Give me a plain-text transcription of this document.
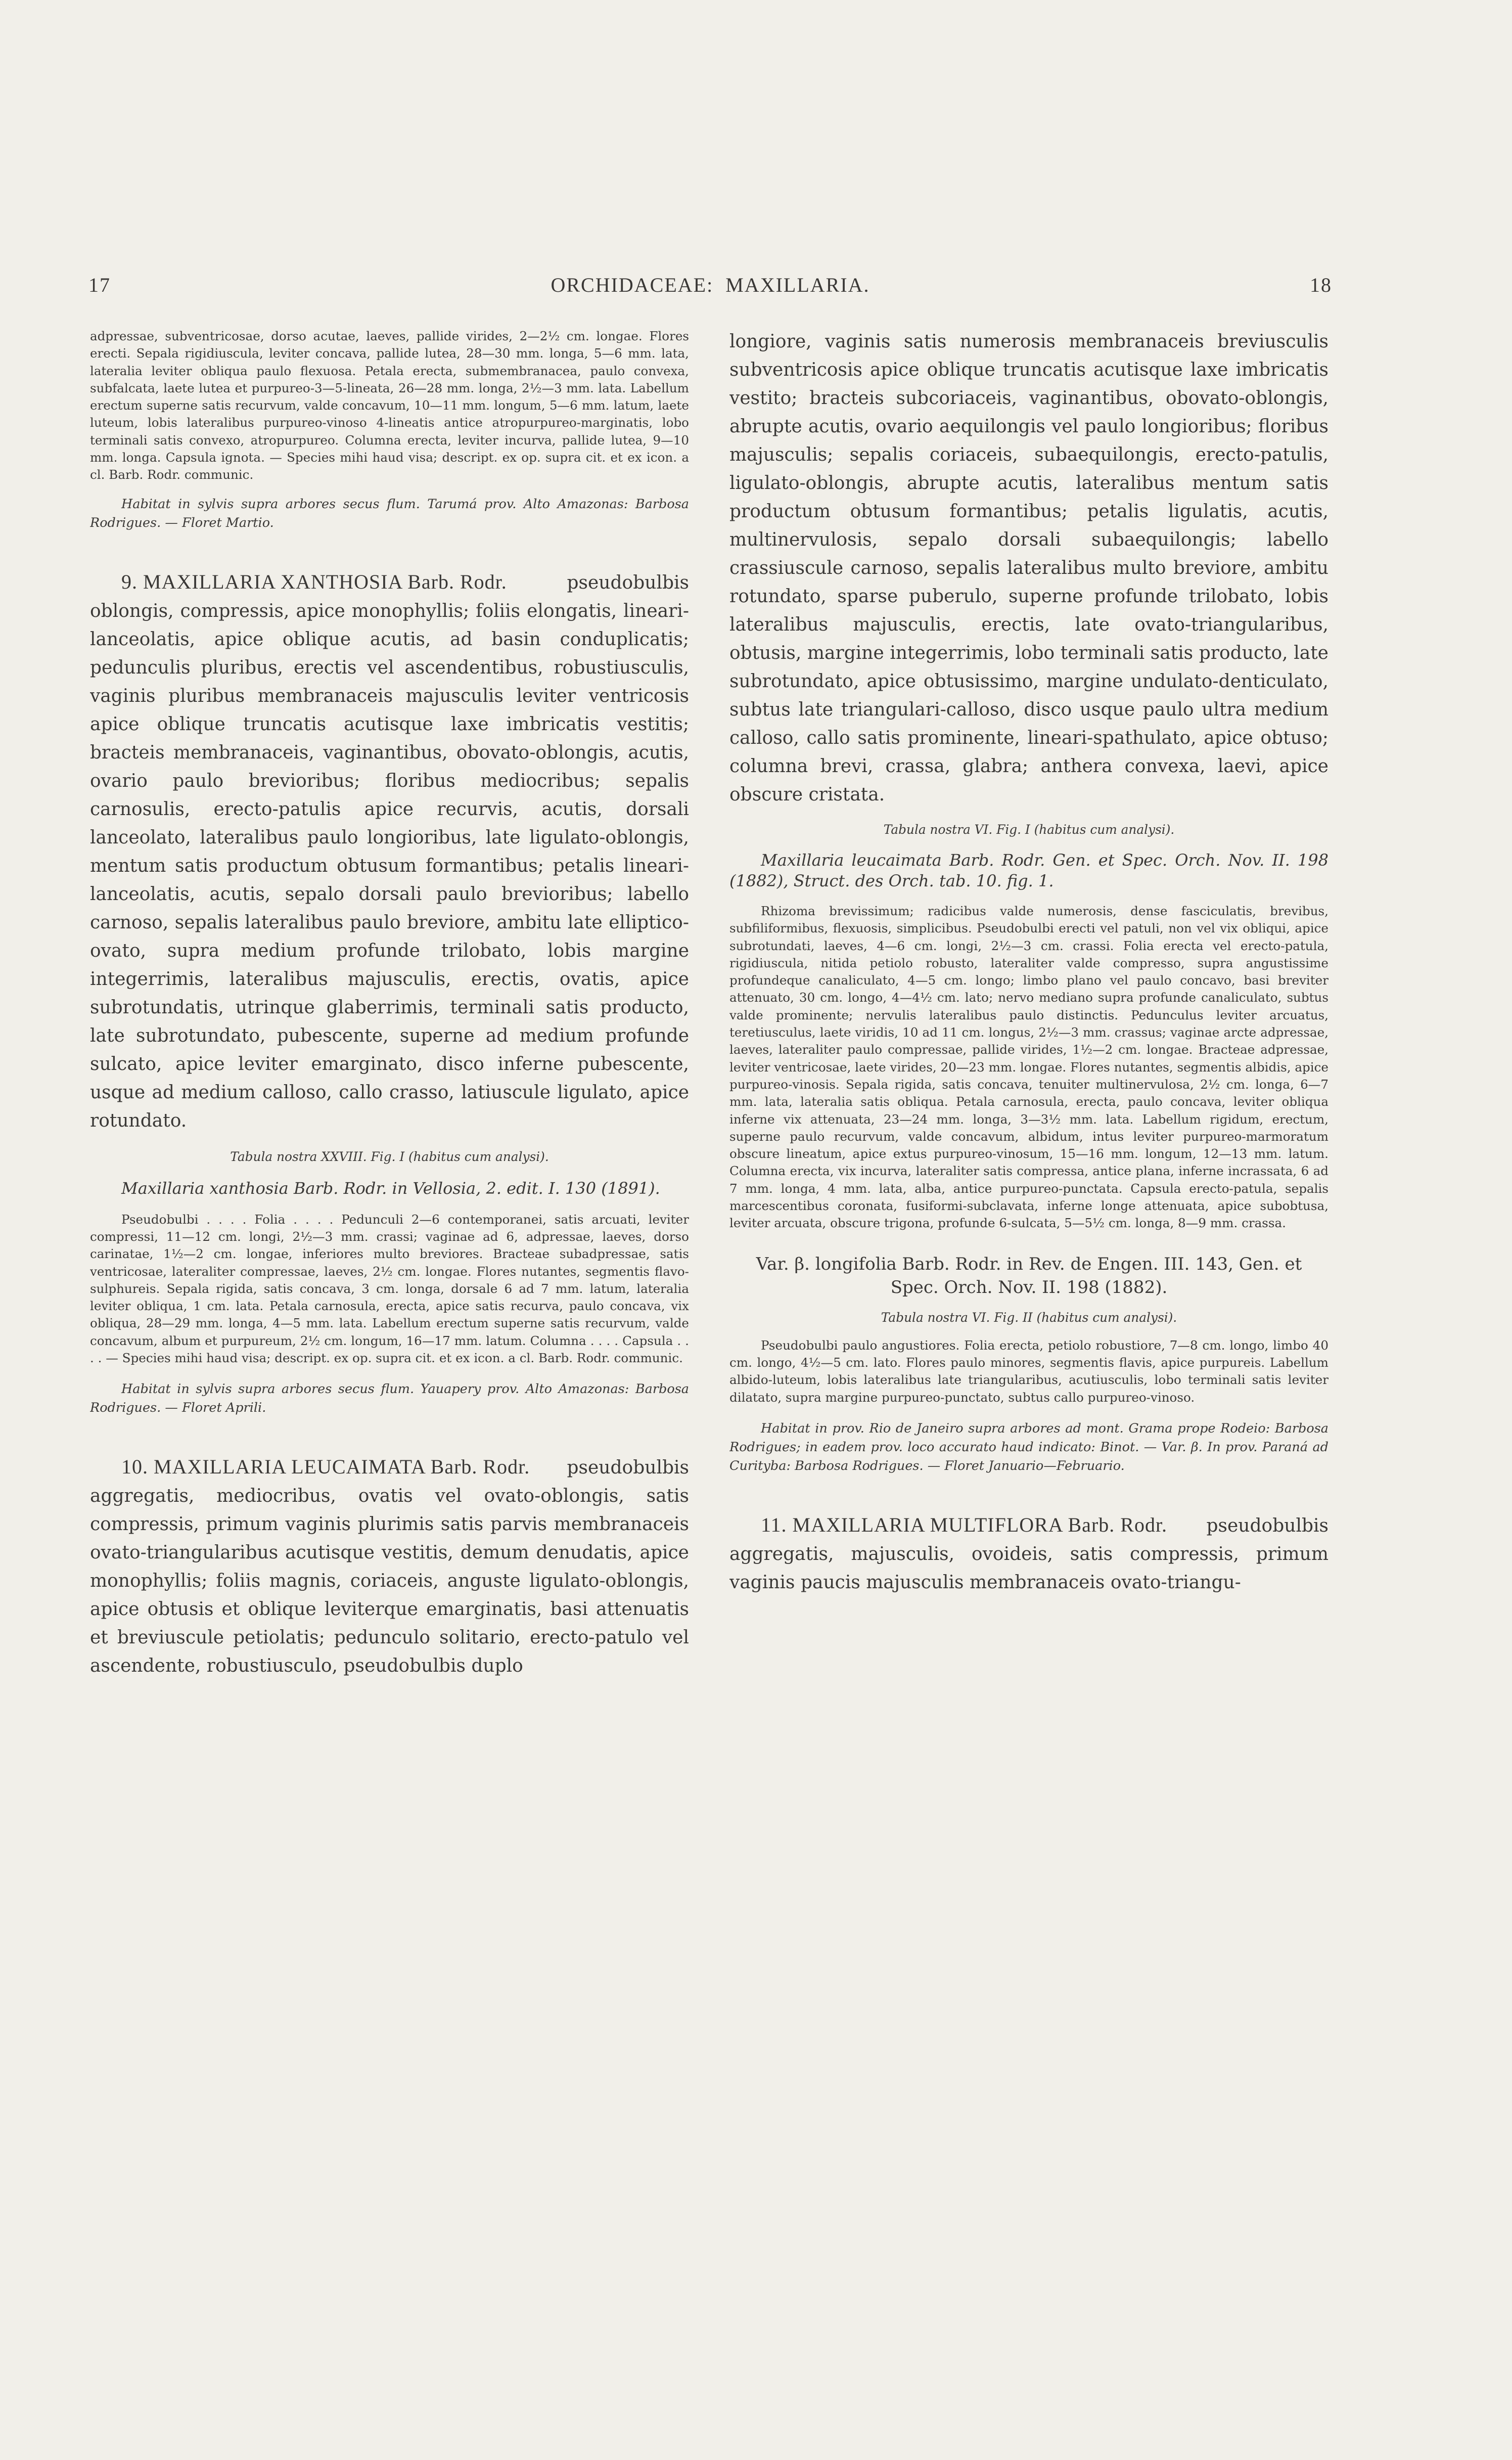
17	ORCHIDACEAE: MAXILLARIA.	18

adpressae, subventricosae, dorso acutae, laeves, pallide virides, 2—2½ cm. longae. Flores erecti. Sepala rigidiuscula, leviter concava, pallide lutea, 28—30 mm. longa, 5—6 mm. lata, lateralia leviter obliqua paulo flexuosa. Petala erecta, submembranacea, paulo convexa, subfalcata, laete lutea et purpureo-3—5-lineata, 26—28 mm. longa, 2½—3 mm. lata. Labellum erectum superne satis recurvum, valde concavum, 10—11 mm. longum, 5—6 mm. latum, laete luteum, lobis lateralibus purpureo-vinoso 4-lineatis antice atropurpureo-marginatis, lobo terminali satis convexo, atropurpureo. Columna erecta, leviter incurva, pallide lutea, 9—10 mm. longa. Capsula ignota. — Species mihi haud visa; descript. ex op. supra cit. et ex icon. a cl. Barb. Rodr. communic.

Habitat in sylvis supra arbores secus flum. Tarumá prov. Alto Amazonas: Barbosa Rodrigues. — Floret Martio.

9. MAXILLARIA XANTHOSIA Barb. Rodr.	pseudobulbis oblongis, compressis, apice monophyllis; foliis elongatis, lineari-lanceolatis, apice oblique acutis, ad basin conduplicatis; pedunculis pluribus, erectis vel ascendentibus, robustiusculis, vaginis pluribus membranaceis majusculis leviter ventricosis apice oblique truncatis acutisque laxe imbricatis vestitis; bracteis membranaceis, vaginantibus, obovato-oblongis, acutis, ovario paulo brevioribus; floribus mediocribus; sepalis carnosulis, erecto-patulis apice recurvis, acutis, dorsali lanceolato, lateralibus paulo longioribus, late ligulato-oblongis, mentum satis productum obtusum formantibus; petalis lineari-lanceolatis, acutis, sepalo dorsali paulo brevioribus; labello carnoso, sepalis lateralibus paulo breviore, ambitu late elliptico-ovato, supra medium profunde trilobato, lobis margine integerrimis, lateralibus majusculis, erectis, ovatis, apice subrotundatis, utrinque glaberrimis, terminali satis producto, late subrotundato, pubescente, superne ad medium profunde sulcato, apice leviter emarginato, disco inferne pubescente, usque ad medium calloso, callo crasso, latiuscule ligulato, apice rotundato.

Tabula nostra XXVIII. Fig. I (habitus cum analysi).

Maxillaria xanthosia Barb. Rodr. in Vellosia, 2. edit. I. 130 (1891).

Pseudobulbi . . . . Folia . . . . Pedunculi 2—6 contemporanei, satis arcuati, leviter compressi, 11—12 cm. longi, 2½—3 mm. crassi; vaginae ad 6, adpressae, laeves, dorso carinatae, 1½—2 cm. longae, inferiores multo breviores. Bracteae subadpressae, satis ventricosae, lateraliter compressae, laeves, 2½ cm. longae. Flores nutantes, segmentis flavo-sulphureis. Sepala rigida, satis concava, 3 cm. longa, dorsale 6 ad 7 mm. latum, lateralia leviter obliqua, 1 cm. lata. Petala carnosula, erecta, apice satis recurva, paulo concava, vix obliqua, 28—29 mm. longa, 4—5 mm. lata. Labellum erectum superne satis recurvum, valde concavum, album et purpureum, 2½ cm. longum, 16—17 mm. latum. Columna . . . . Capsula . . . . — Species mihi haud visa; descript. ex op. supra cit. et ex icon. a cl. Barb. Rodr. communic.

Habitat in sylvis supra arbores secus flum. Yauapery prov. Alto Amazonas: Barbosa Rodrigues. — Floret Aprili.

10. MAXILLARIA LEUCAIMATA Barb. Rodr. pseudobulbis aggregatis, mediocribus, ovatis vel ovato-oblongis, satis compressis, primum vaginis plurimis satis parvis membranaceis ovato-triangularibus acutisque vestitis, demum denudatis, apice monophyllis; foliis magnis, coriaceis, anguste ligulato-oblongis, apice obtusis et oblique leviterque emarginatis, basi attenuatis et breviuscule petiolatis; pedunculo solitario, erecto-patulo vel ascendente, robustiusculo, pseudobulbis duplo

longiore, vaginis satis numerosis membranaceis breviusculis subventricosis apice oblique truncatis acutisque laxe imbricatis vestito; bracteis subcoriaceis, vaginantibus, obovato-oblongis, abrupte acutis, ovario aequilongis vel paulo longioribus; floribus majusculis; sepalis coriaceis, subaequilongis, erecto-patulis, ligulato-oblongis, abrupte acutis, lateralibus mentum satis productum obtusum formantibus; petalis ligulatis, acutis, multinervulosis, sepalo dorsali subaequilongis; labello crassiuscule carnoso, sepalis lateralibus multo breviore, ambitu rotundato, sparse puberulo, superne profunde trilobato, lobis lateralibus majusculis, erectis, late ovato-triangularibus, obtusis, margine integerrimis, lobo terminali satis producto, late subrotundato, apice obtusissimo, margine undulato-denticulato, subtus late triangulari-calloso, disco usque paulo ultra medium calloso, callo satis prominente, lineari-spathulato, apice obtuso; columna brevi, crassa, glabra; anthera convexa, laevi, apice obscure cristata.

Tabula nostra VI. Fig. I (habitus cum analysi).

Maxillaria leucaimata Barb. Rodr. Gen. et Spec. Orch. Nov. II. 198 (1882), Struct. des Orch. tab. 10. fig. 1.

Rhizoma brevissimum; radicibus valde numerosis, dense fasciculatis, brevibus, subfiliformibus, flexuosis, simplicibus. Pseudobulbi erecti vel patuli, non vel vix obliqui, apice subrotundati, laeves, 4—6 cm. longi, 2½—3 cm. crassi. Folia erecta vel erecto-patula, rigidiuscula, nitida petiolo robusto, lateraliter valde compresso, supra angustissime profundeque canaliculato, 4—5 cm. longo; limbo plano vel paulo concavo, basi breviter attenuato, 30 cm. longo, 4—4½ cm. lato; nervo mediano supra profunde canaliculato, subtus valde prominente; nervulis lateralibus paulo distinctis. Pedunculus leviter arcuatus, teretiusculus, laete viridis, 10 ad 11 cm. longus, 2½—3 mm. crassus; vaginae arcte adpressae, laeves, lateraliter paulo compressae, pallide virides, 1½—2 cm. longae. Bracteae adpressae, leviter ventricosae, laete virides, 20—23 mm. longae. Flores nutantes, segmentis albidis, apice purpureo-vinosis. Sepala rigida, satis concava, tenuiter multinervulosa, 2½ cm. longa, 6—7 mm. lata, lateralia satis obliqua. Petala carnosula, erecta, paulo concava, leviter obliqua inferne vix attenuata, 23—24 mm. longa, 3—3½ mm. lata. Labellum rigidum, erectum, superne paulo recurvum, valde concavum, albidum, intus leviter purpureo-marmoratum obscure lineatum, apice extus purpureo-vinosum, 15—16 mm. longum, 12—13 mm. latum. Columna erecta, vix incurva, lateraliter satis compressa, antice plana, inferne incrassata, 6 ad 7 mm. longa, 4 mm. lata, alba, antice purpureo-punctata. Capsula erecto-patula, sepalis marcescentibus coronata, fusiformi-subclavata, inferne longe attenuata, apice subobtusa, leviter arcuata, obscure trigona, profunde 6-sulcata, 5—5½ cm. longa, 8—9 mm. crassa.

Var. β. longifolia Barb. Rodr. in Rev. de Engen. III. 143, Gen. et Spec. Orch. Nov. II. 198 (1882).

Tabula nostra VI. Fig. II (habitus cum analysi).

Pseudobulbi paulo angustiores. Folia erecta, petiolo robustiore, 7—8 cm. longo, limbo 40 cm. longo, 4½—5 cm. lato. Flores paulo minores, segmentis flavis, apice purpureis. Labellum albido-luteum, lobis lateralibus late triangularibus, acutiusculis, lobo terminali satis leviter dilatato, supra margine purpureo-punctato, subtus callo purpureo-vinoso.

Habitat in prov. Rio de Janeiro supra arbores ad mont. Grama prope Rodeio: Barbosa Rodrigues; in eadem prov. loco accurato haud indicato: Binot. — Var. β. In prov. Paraná ad Curityba: Barbosa Rodrigues. — Floret Januario—Februario.

11. MAXILLARIA MULTIFLORA Barb. Rodr. pseudobulbis aggregatis, majusculis, ovoideis, satis compressis, primum vaginis paucis majusculis membranaceis ovato-triangu-
